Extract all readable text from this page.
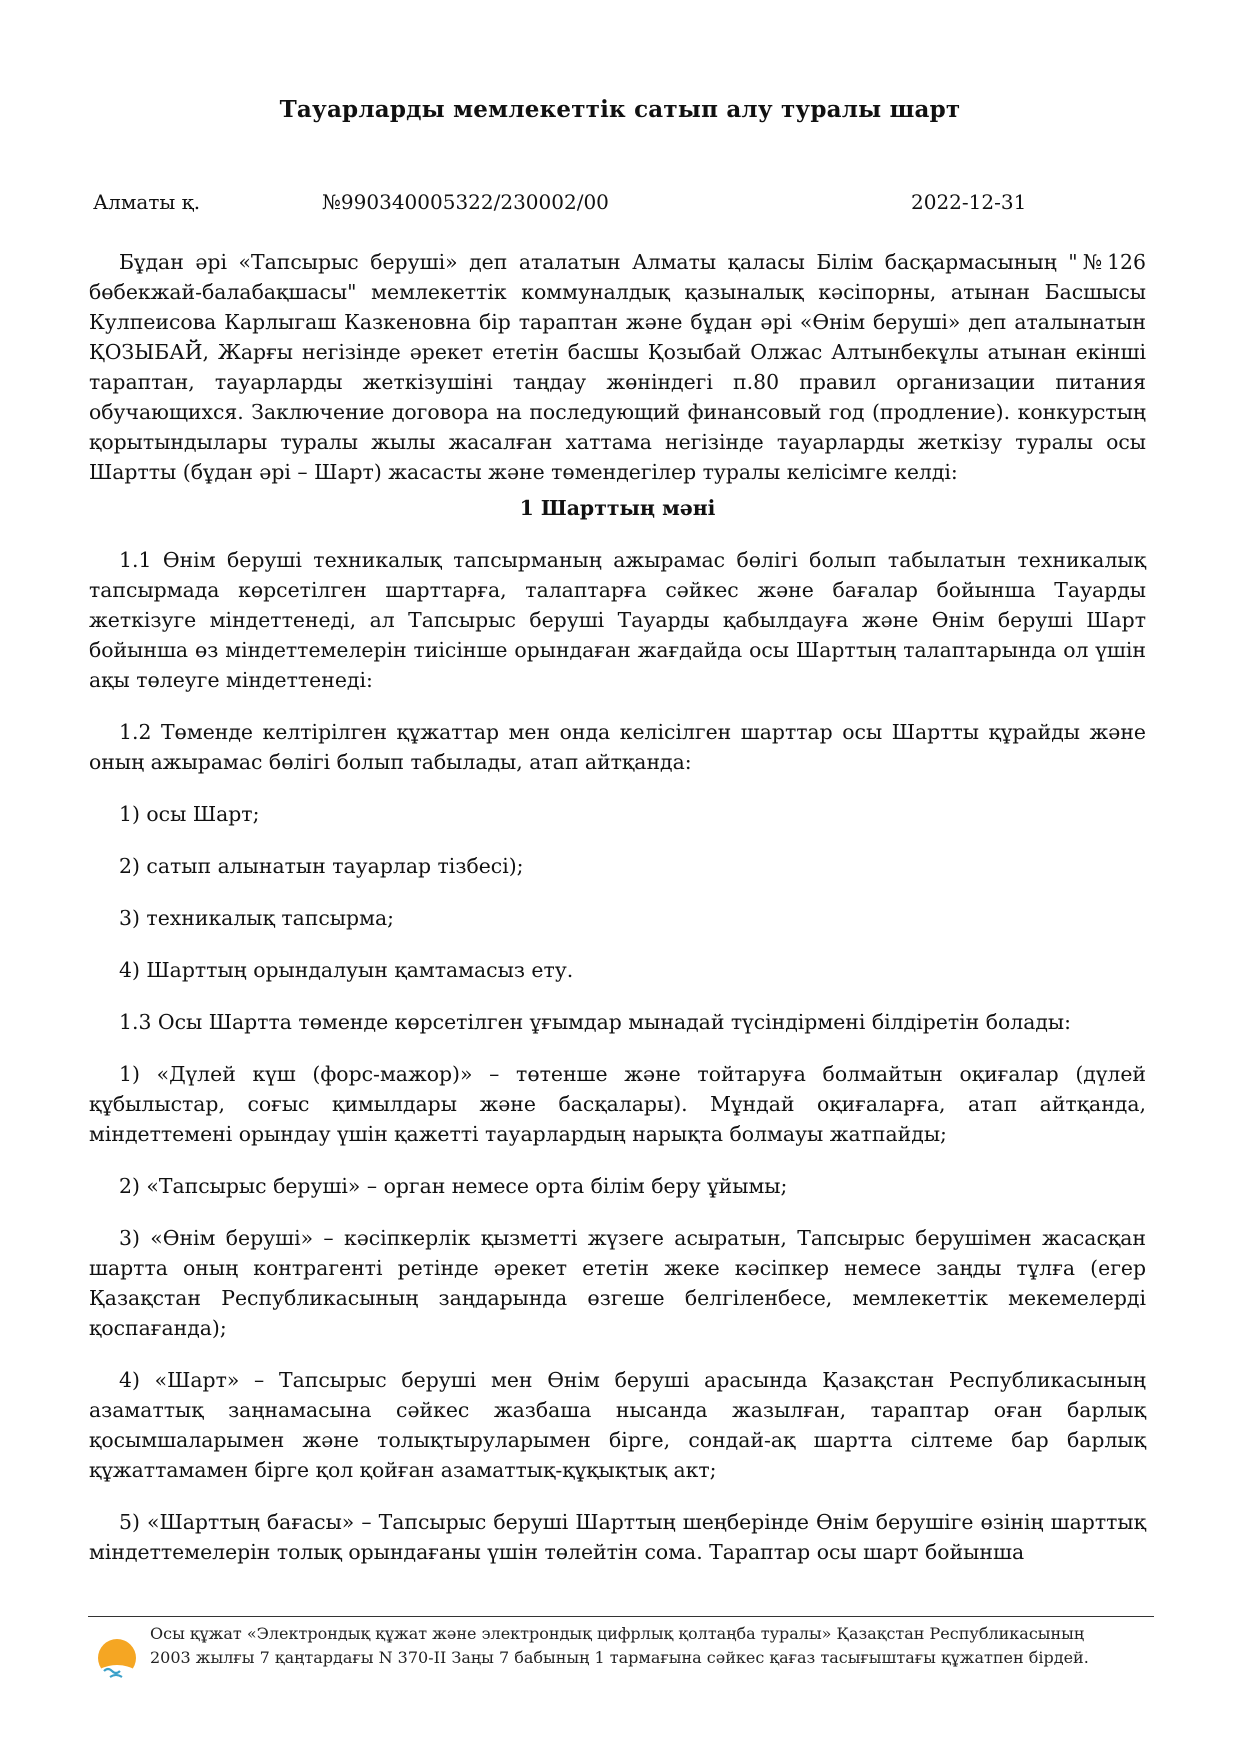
Тауарларды мемлекеттік сатып алу туралы шарт
Алматы қ.	№990340005322/230002/00	2022-12-31

Бұдан әрі «Тапсырыс беруші» деп аталатын Алматы қаласы Білім басқармасының "№126 бөбекжай-балабақшасы" мемлекеттік коммуналдық қазыналық кәсіпорны, атынан Басшысы Кулпеисова Карлыгаш Казкеновна бір тараптан және бұдан әрі «Өнім беруші» деп аталынатын ҚОЗЫБАЙ, Жарғы негізінде әрекет ететін басшы Қозыбай Олжас Алтынбекұлы атынан екінші тараптан, тауарларды жеткізушіні таңдау жөніндегі п.80 правил организации питания обучающихся. Заключение договора на последующий финансовый год (продление). конкурстың қорытындылары туралы жылы жасалған хаттама негізінде тауарларды жеткізу туралы осы Шартты (бұдан әрі – Шарт) жасасты және төмендегілер туралы келісімге келді:

1 Шарттың мәні

1.1 Өнім беруші техникалық тапсырманың ажырамас бөлігі болып табылатын техникалық тапсырмада көрсетілген шарттарға, талаптарға сәйкес және бағалар бойынша Тауарды жеткізуге міндеттенеді, ал Тапсырыс беруші Тауарды қабылдауға және Өнім беруші Шарт бойынша өз міндеттемелерін тиісінше орындаған жағдайда осы Шарттың талаптарында ол үшін ақы төлеуге міндеттенеді:

1.2 Төменде келтірілген құжаттар мен онда келісілген шарттар осы Шартты құрайды және оның ажырамас бөлігі болып табылады, атап айтқанда:

1) осы Шарт;

2) сатып алынатын тауарлар тізбесі);

3) техникалық тапсырма;

4) Шарттың орындалуын қамтамасыз ету.

1.3 Осы Шартта төменде көрсетілген ұғымдар мынадай түсіндірмені білдіретін болады:

1) «Дүлей күш (форс-мажор)» – төтенше және тойтаруға болмайтын оқиғалар (дүлей құбылыстар, соғыс қимылдары және басқалары). Мұндай оқиғаларға, атап айтқанда, міндеттемені орындау үшін қажетті тауарлардың нарықта болмауы жатпайды;

2) «Тапсырыс беруші» – орган немесе орта білім беру ұйымы;

3) «Өнім беруші» – кәсіпкерлік қызметті жүзеге асыратын, Тапсырыс берушімен жасасқан шартта оның контрагенті ретінде әрекет ететін жеке кәсіпкер немесе заңды тұлға (егер Қазақстан Республикасының заңдарында өзгеше белгіленбесе, мемлекеттік мекемелерді қоспағанда);

4) «Шарт» – Тапсырыс беруші мен Өнім беруші арасында Қазақстан Республикасының азаматтық заңнамасына сәйкес жазбаша нысанда жазылған, тараптар оған барлық қосымшаларымен және толықтыруларымен бірге, сондай-ақ шартта сілтеме бар барлық құжаттамамен бірге қол қойған азаматтық-құқықтық акт;

5) «Шарттың бағасы» – Тапсырыс беруші Шарттың шеңберінде Өнім берушіге өзінің шарттық міндеттемелерін толық орындағаны үшін төлейтін сома. Тараптар осы шарт бойынша

Осы құжат «Электрондық құжат және электрондық цифрлық қолтаңба туралы» Қазақстан Республикасының 2003 жылғы 7 қаңтардағы N 370-II Заңы 7 бабының 1 тармағына сәйкес қағаз тасығыштағы құжатпен бірдей.
